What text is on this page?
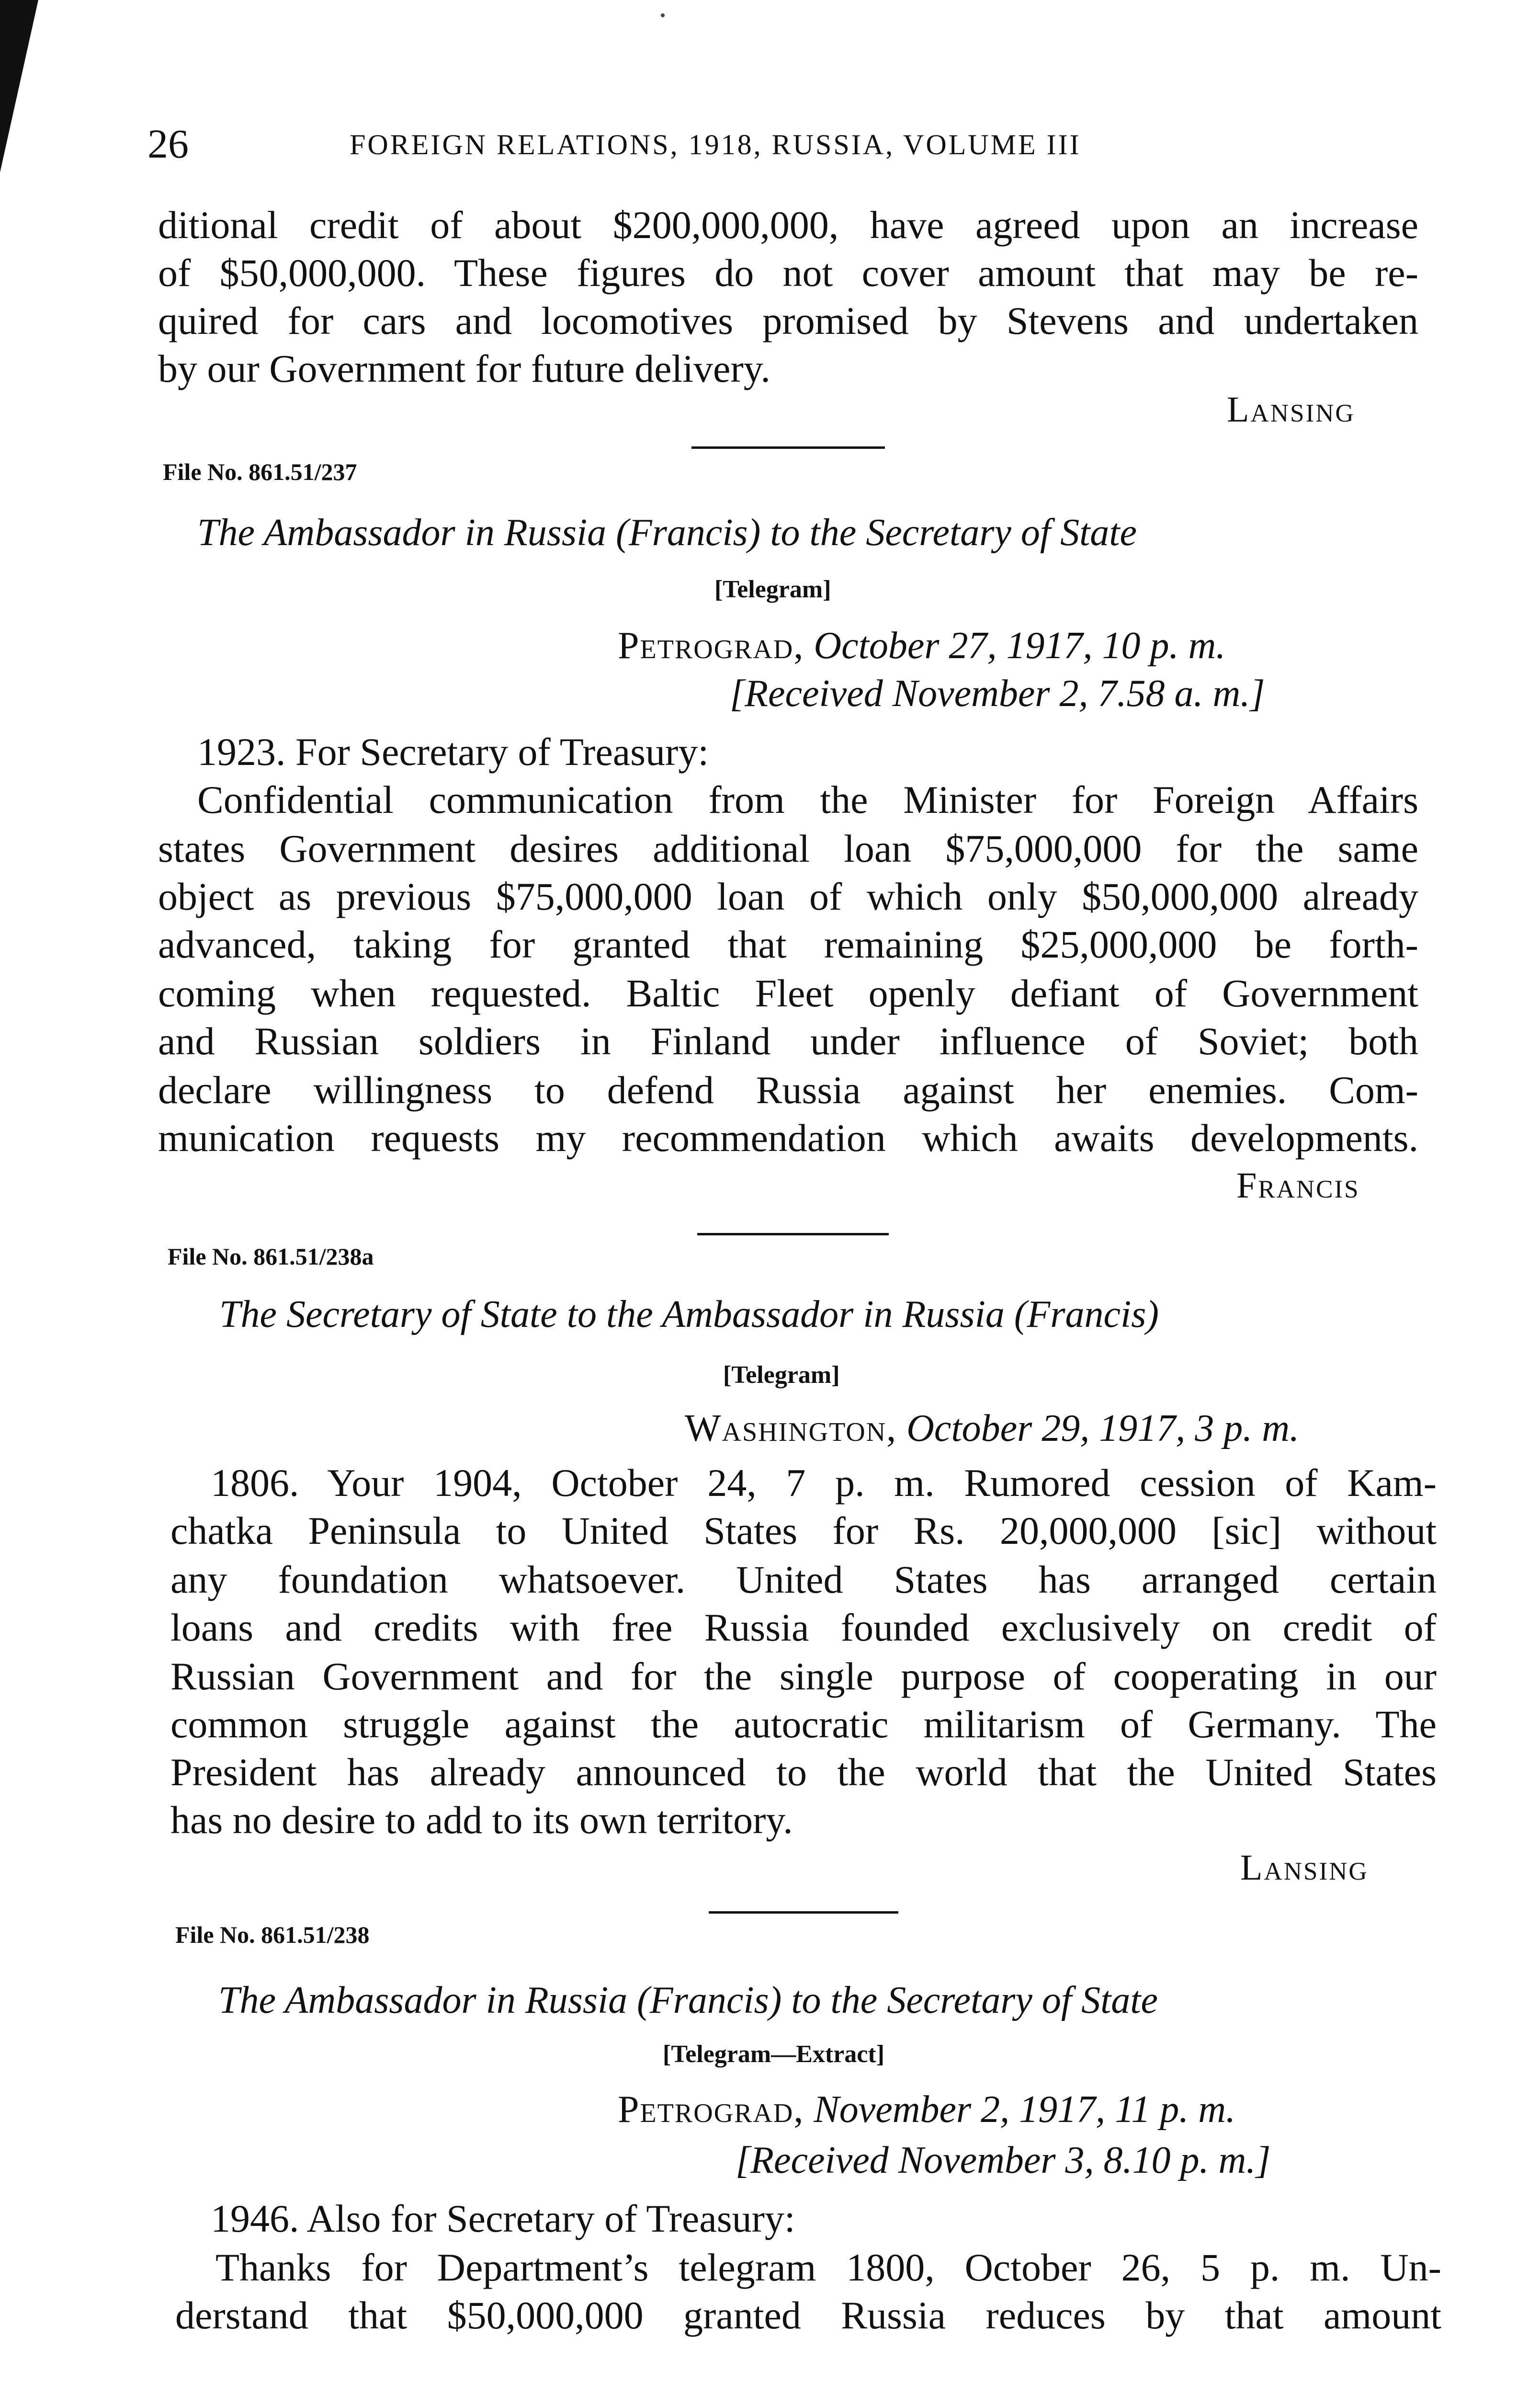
26	FOREIGN RELATIONS, 1918, RUSSIA, VOLUME III
ditional credit of about $200,000,000, have agreed upon an increase
of $50,000,000. These figures do not cover amount that may be re-
quired for cars and locomotives promised by Stevens and undertaken
by our Government for future delivery.
Lansing
File No. 861.51/237
The Ambassador in Russia (Francis) to the Secretary of State
[Telegram]
Petrograd, October 27, 1917, 10 p. m.
[Received November 2, 7.58 a. m.]
1923. For Secretary of Treasury:
Confidential communication from the Minister for Foreign Affairs
states Government desires additional loan $75,000,000 for the same
object as previous $75,000,000 loan of which only $50,000,000 already
advanced, taking for granted that remaining $25,000,000 be forth-
coming when requested. Baltic Fleet openly defiant of Government
and Russian soldiers in Finland under influence of Soviet; both
declare willingness to defend Russia against her enemies. Com-
munication requests my recommendation which awaits developments.
Francis
File No. 861.51/238a
The Secretary of State to the Ambassador in Russia (Francis)
[Telegram]
Washington, October 29, 1917, 3 p. m.
1806. Your 1904, October 24, 7 p. m. Rumored cession of Kam-
chatka Peninsula to United States for Rs. 20,000,000 [sic] without
any foundation whatsoever. United States has arranged certain
loans and credits with free Russia founded exclusively on credit of
Russian Government and for the single purpose of cooperating in our
common struggle against the autocratic militarism of Germany. The
President has already announced to the world that the United States
has no desire to add to its own territory.
Lansing
File No. 861.51/238
The Ambassador in Russia (Francis) to the Secretary of State
[Telegram—Extract]
Petrograd, November 2, 1917, 11 p. m.
[Received November 3, 8.10 p. m.]
1946. Also for Secretary of Treasury:
Thanks for Department’s telegram 1800, October 26, 5 p. m. Un-
derstand that $50,000,000 granted Russia reduces by that amount
